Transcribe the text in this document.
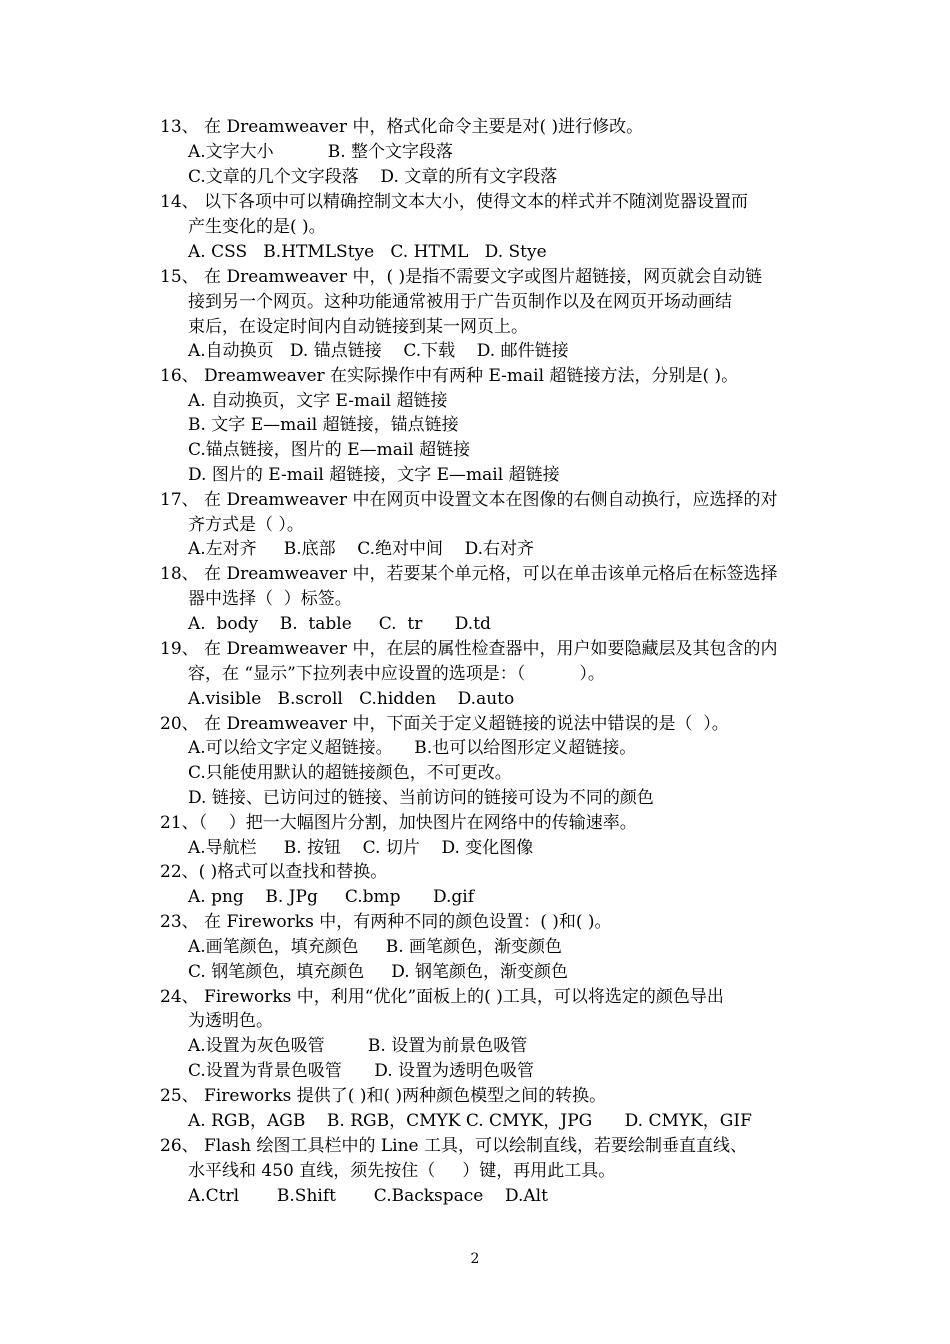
13、 在 Dreamweaver 中，格式化命令主要是对( )进行修改。
A.文字大小          B. 整个文字段落
C.文章的几个文字段落    D. 文章的所有文字段落
14、 以下各项中可以精确控制文本大小，使得文本的样式并不随浏览器设置而
产生变化的是( )。
A. CSS   B.HTMLStye   C. HTML   D. Stye
15、 在 Dreamweaver 中，( )是指不需要文字或图片超链接，网页就会自动链
接到另一个网页。这种功能通常被用于广告页制作以及在网页开场动画结
束后，在设定时间内自动链接到某一网页上。
A.自动换页   D. 锚点链接    C.下载    D. 邮件链接
16、 Dreamweaver 在实际操作中有两种 E-mail 超链接方法，分别是( )。
A. 自动换页，文字 E-mail 超链接
B. 文字 E—mail 超链接，锚点链接
C.锚点链接，图片的 E—mail 超链接
D. 图片的 E-mail 超链接，文字 E—mail 超链接
17、 在 Dreamweaver 中在网页中设置文本在图像的右侧自动换行，应选择的对
齐方式是（ ）。
A.左对齐     B.底部    C.绝对中间    D.右对齐
18、 在 Dreamweaver 中，若要某个单元格，可以在单击该单元格后在标签选择
器中选择（  ）标签。
A.  body    B.  table     C.  tr      D.td
19、 在 Dreamweaver 中，在层的属性检查器中，用户如要隐藏层及其包含的内
容，在 “显示”下拉列表中应设置的选项是：（          ）。
A.visible   B.scroll   C.hidden    D.auto
20、 在 Dreamweaver 中，下面关于定义超链接的说法中错误的是（  ）。
A.可以给文字定义超链接。    B.也可以给图形定义超链接。
C.只能使用默认的超链接颜色，不可更改。
D. 链接、已访问过的链接、当前访问的链接可设为不同的颜色
21、（    ）把一大幅图片分割，加快图片在网络中的传输速率。
A.导航栏     B. 按钮    C. 切片    D. 变化图像
22、( )格式可以查找和替换。
A. png    B. JPg     C.bmp      D.gif
23、 在 Fireworks 中，有两种不同的颜色设置：( )和( )。
A.画笔颜色，填充颜色     B. 画笔颜色，渐变颜色
C. 钢笔颜色，填充颜色     D. 钢笔颜色，渐变颜色
24、 Fireworks 中，利用“优化”面板上的( )工具，可以将选定的颜色导出
为透明色。
A.设置为灰色吸管        B. 设置为前景色吸管
C.设置为背景色吸管      D. 设置为透明色吸管
25、 Fireworks 提供了( )和( )两种颜色模型之间的转换。
A. RGB，AGB    B. RGB，CMYK C. CMYK，JPG      D. CMYK，GIF
26、 Flash 绘图工具栏中的 Line 工具，可以绘制直线，若要绘制垂直直线、
水平线和 450 直线，须先按住（     ）键，再用此工具。
A.Ctrl       B.Shift       C.Backspace    D.Alt
2
